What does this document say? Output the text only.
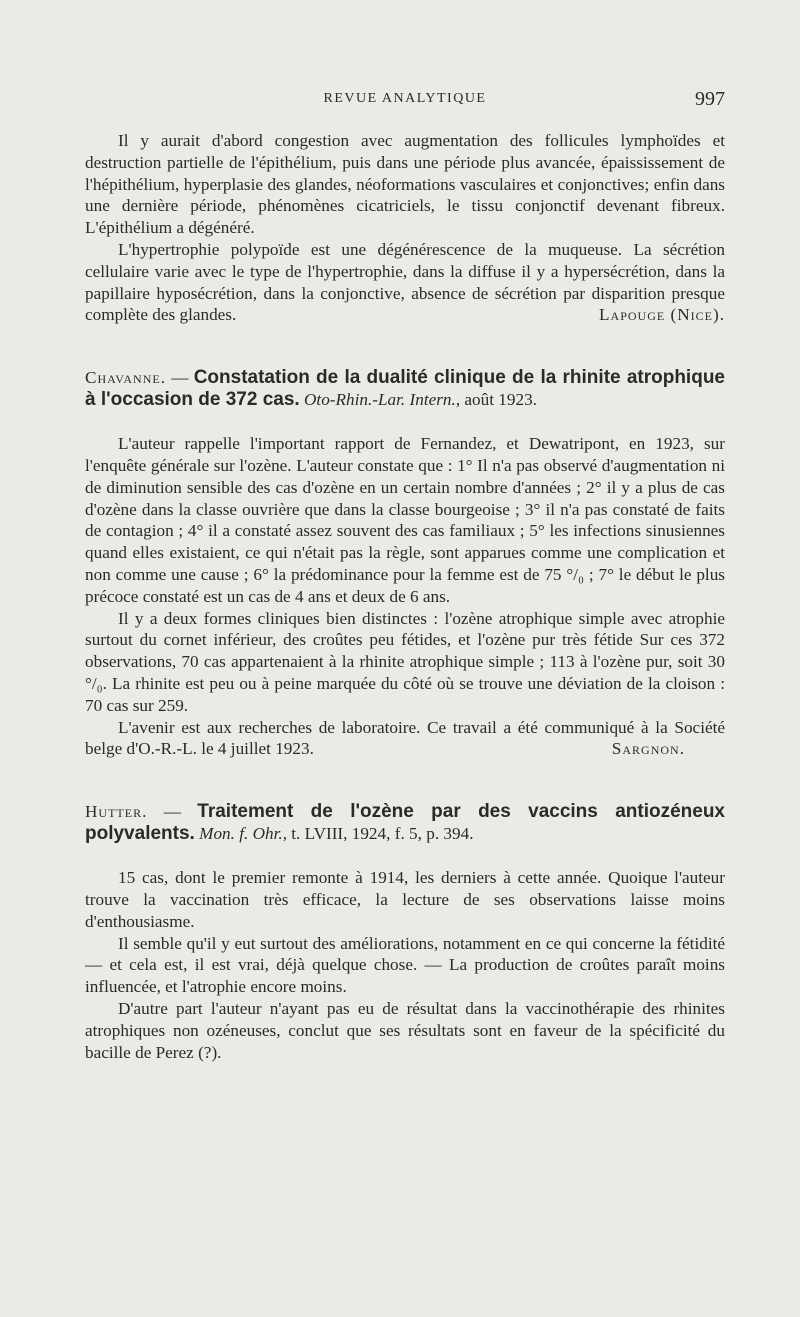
REVUE ANALYTIQUE	997

Il y aurait d'abord congestion avec augmentation des follicules lymphoïdes et destruction partielle de l'épithélium, puis dans une période plus avancée, épaississement de l'hépithélium, hyperplasie des glandes, néoformations vasculaires et conjonctives; enfin dans une dernière période, phénomènes cicatriciels, le tissu conjonctif devenant fibreux. L'épithélium a dégénéré.

L'hypertrophie polypoïde est une dégénérescence de la muqueuse. La sécrétion cellulaire varie avec le type de l'hypertrophie, dans la diffuse il y a hypersécrétion, dans la papillaire hyposécrétion, dans la conjonctive, absence de sécrétion par disparition presque complète des glandes.	Lapouge (Nice).

Chavanne. — Constatation de la dualité clinique de la rhinite atrophique à l'occasion de 372 cas. Oto-Rhin.-Lar. Intern., août 1923.

L'auteur rappelle l'important rapport de Fernandez, et Dewatripont, en 1923, sur l'enquête générale sur l'ozène. L'auteur constate que : 1° Il n'a pas observé d'augmentation ni de diminution sensible des cas d'ozène en un certain nombre d'années ; 2° il y a plus de cas d'ozène dans la classe ouvrière que dans la classe bourgeoise ; 3° il n'a pas constaté de faits de contagion ; 4° il a constaté assez souvent des cas familiaux ; 5° les infections sinusiennes quand elles existaient, ce qui n'était pas la règle, sont apparues comme une complication et non comme une cause ; 6° la prédominance pour la femme est de 75 °/₀ ; 7° le début le plus précoce constaté est un cas de 4 ans et deux de 6 ans.

Il y a deux formes cliniques bien distinctes : l'ozène atrophique simple avec atrophie surtout du cornet inférieur, des croûtes peu fétides, et l'ozène pur très fétide Sur ces 372 observations, 70 cas appartenaient à la rhinite atrophique simple ; 113 à l'ozène pur, soit 30 °/₀. La rhinite est peu ou à peine marquée du côté où se trouve une déviation de la cloison : 70 cas sur 259.

L'avenir est aux recherches de laboratoire. Ce travail a été communiqué à la Société belge d'O.-R.-L. le 4 juillet 1923.	Sargnon.

Hutter. — Traitement de l'ozène par des vaccins antiozéneux polyvalents. Mon. f. Ohr., t. LVIII, 1924, f. 5, p. 394.

15 cas, dont le premier remonte à 1914, les derniers à cette année. Quoique l'auteur trouve la vaccination très efficace, la lecture de ses observations laisse moins d'enthousiasme.

Il semble qu'il y eut surtout des améliorations, notamment en ce qui concerne la fétidité — et cela est, il est vrai, déjà quelque chose. — La production de croûtes paraît moins influencée, et l'atrophie encore moins.

D'autre part l'auteur n'ayant pas eu de résultat dans la vaccinothérapie des rhinites atrophiques non ozéneuses, conclut que ses résultats sont en faveur de la spécificité du bacille de Perez (?).
